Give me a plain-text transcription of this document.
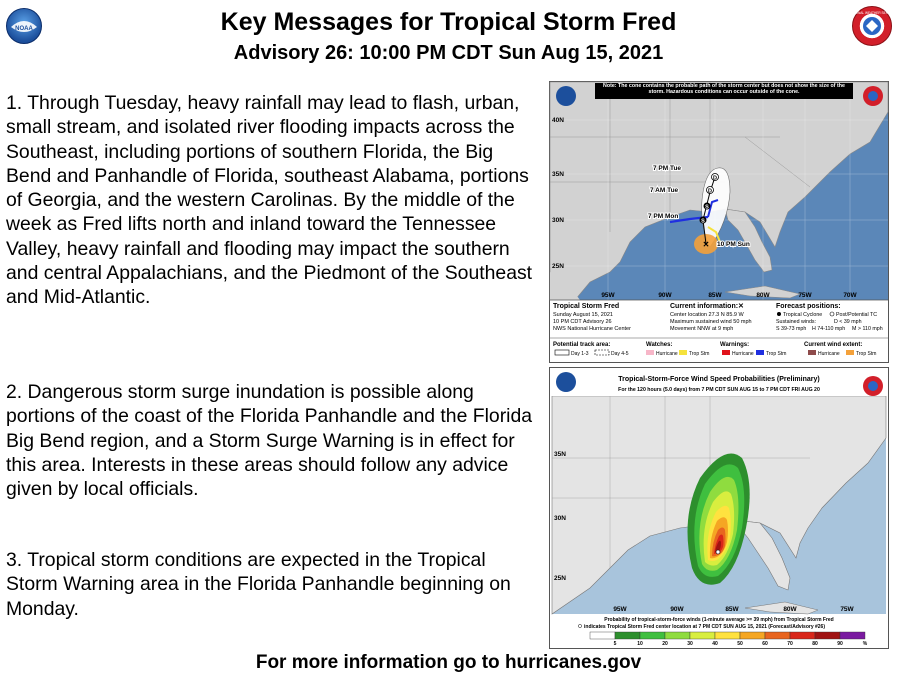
NOAA
NATIONAL WEATHER SERVICE
Key Messages for Tropical Storm Fred
Advisory 26: 10:00 PM CDT Sun Aug 15, 2021
1. Through Tuesday, heavy rainfall may lead to flash, urban, small stream, and isolated river flooding impacts across the Southeast, including portions of southern Florida, the Big Bend and Panhandle of Florida, southeast Alabama, portions of Georgia, and the western Carolinas. By the middle of the week as Fred lifts north and inland toward the Tennessee Valley, heavy rainfall and flooding may impact the southern and central Appalachians, and the Piedmont of the Southeast and Mid-Atlantic.
2. Dangerous storm surge inundation is possible along portions of the coast of the Florida Panhandle and the Florida Big Bend region, and a Storm Surge Warning is in effect for this area. Interests in these areas should follow any advice given by local officials.
3. Tropical storm conditions are expected in the Tropical Storm Warning area in the Florida Panhandle beginning on Monday.
For more information go to hurricanes.gov
✕
S
S
D
D
7 PM Tue
7 AM Tue
7 PM Mon
10 PM Sun
40N
35N
30N
25N
95W	90W	85W	80W	75W	70W
Note: The cone contains the probable path of the storm center but does not show the size of the storm. Hazardous conditions can occur outside of the cone.
Tropical Storm Fred
Sunday August 15, 2021
10 PM CDT Advisory 26
NWS National Hurricane Center
Current information: ✕
Center location 27.3 N 85.9 W
Maximum sustained wind 50 mph
Movement NNW at 9 mph
Forecast positions:
Tropical Cyclone	Post/Potential TC
Sustained winds:	D < 39 mph
S 39-73 mph H 74-110 mph M > 110 mph
Potential track area:
Day 1-3	Day 4-5
Watches:
Hurricane Trop Stm
Warnings:
Hurricane Trop Stm
Current wind extent:
Hurricane	Trop Stm
35N
30N
25N
95W	90W	85W	80W	75W
Tropical-Storm-Force Wind Speed Probabilities (Preliminary)
For the 120 hours (5.0 days) from 7 PM CDT SUN AUG 15 to 7 PM CDT FRI AUG 20
Probability of tropical-storm-force winds (1-minute average >= 39 mph) from Tropical Storm Fred
indicates Tropical Storm Fred center location at 7 PM CDT SUN AUG 15, 2021 (Forecast/Advisory #26)
5	10	20	30	40	50	60	70	80	90	%
